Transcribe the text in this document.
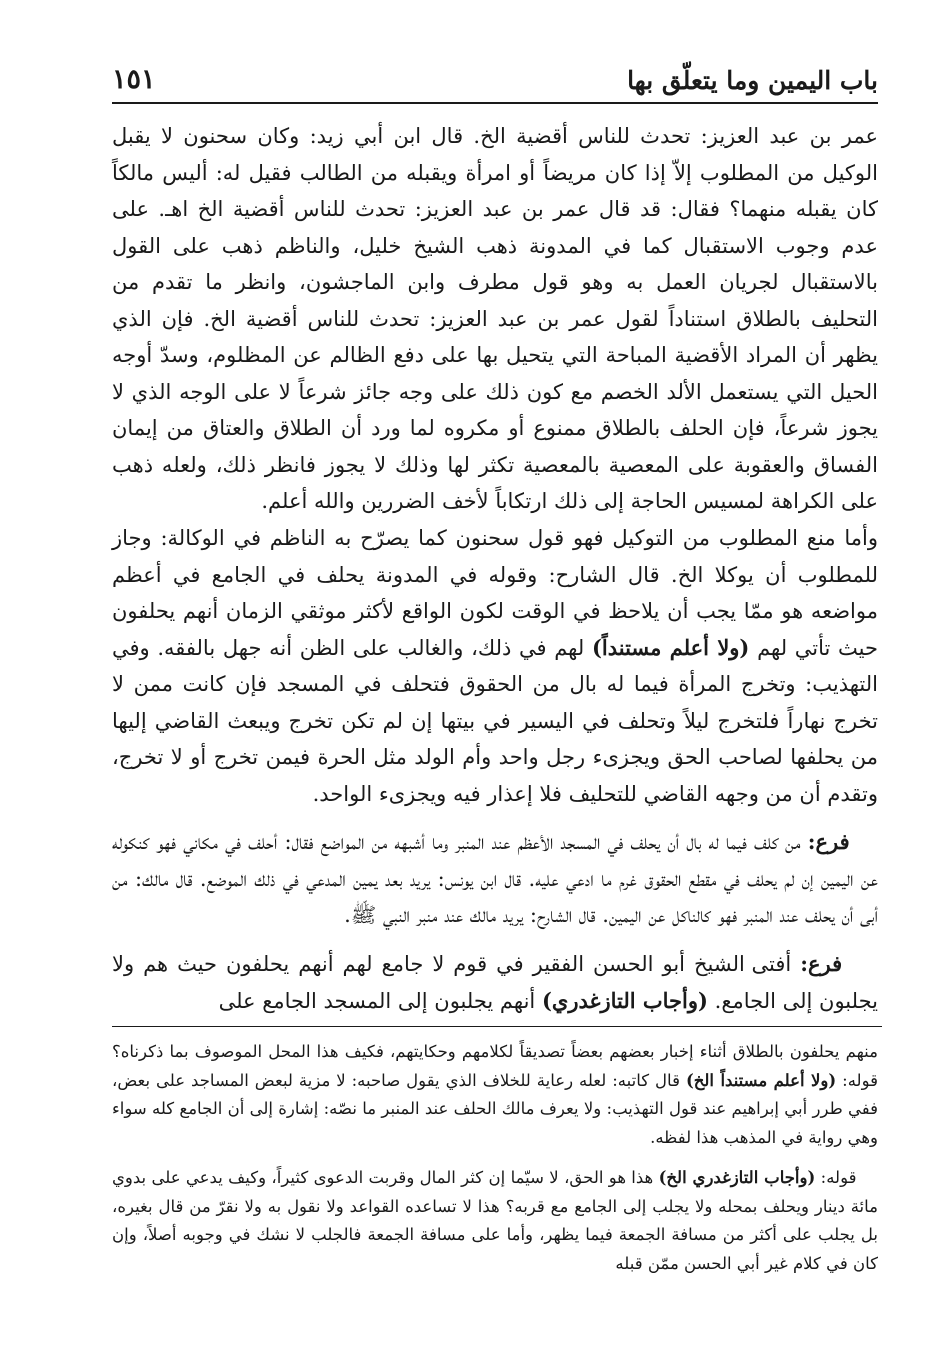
باب اليمين وما يتعلّق بها
١٥١

عمر بن عبد العزيز: تحدث للناس أقضية الخ. قال ابن أبي زيد: وكان سحنون لا يقبل الوكيل من المطلوب إلاّ إذا كان مريضاً أو امرأة ويقبله من الطالب فقيل له: أليس مالكاً كان يقبله منهما؟ فقال: قد قال عمر بن عبد العزيز: تحدث للناس أقضية الخ اهـ. على عدم وجوب الاستقبال كما في المدونة ذهب الشيخ خليل، والناظم ذهب على القول بالاستقبال لجريان العمل به وهو قول مطرف وابن الماجشون، وانظر ما تقدم من التحليف بالطلاق استناداً لقول عمر بن عبد العزيز: تحدث للناس أقضية الخ. فإن الذي يظهر أن المراد الأقضية المباحة التي يتحيل بها على دفع الظالم عن المظلوم، وسدّ أوجه الحيل التي يستعمل الألد الخصم مع كون ذلك على وجه جائز شرعاً لا على الوجه الذي لا يجوز شرعاً، فإن الحلف بالطلاق ممنوع أو مكروه لما ورد أن الطلاق والعتاق من إيمان الفساق والعقوبة على المعصية بالمعصية تكثر لها وذلك لا يجوز فانظر ذلك، ولعله ذهب على الكراهة لمسيس الحاجة إلى ذلك ارتكاباً لأخف الضررين والله أعلم.

وأما منع المطلوب من التوكيل فهو قول سحنون كما يصرّح به الناظم في الوكالة: وجاز للمطلوب أن يوكلا الخ. قال الشارح: وقوله في المدونة يحلف في الجامع في أعظم مواضعه هو ممّا يجب أن يلاحظ في الوقت لكون الواقع لأكثر موثقي الزمان أنهم يحلفون حيث تأتي لهم (ولا أعلم مستنداً) لهم في ذلك، والغالب على الظن أنه جهل بالفقه. وفي التهذيب: وتخرج المرأة فيما له بال من الحقوق فتحلف في المسجد فإن كانت ممن لا تخرج نهاراً فلتخرج ليلاً وتحلف في اليسير في بيتها إن لم تكن تخرج ويبعث القاضي إليها من يحلفها لصاحب الحق ويجزىء رجل واحد وأم الولد مثل الحرة فيمن تخرج أو لا تخرج، وتقدم أن من وجهه القاضي للتحليف فلا إعذار فيه ويجزىء الواحد.

فرع: من كلف فيما له بال أن يحلف في المسجد الأعظم عند المنبر وما أشبهه من المواضع فقال: أحلف في مكاني فهو كنكوله عن اليمين إن لم يحلف في مقطع الحقوق غرم ما ادعي عليه. قال ابن يونس: يريد بعد يمين المدعي في ذلك الموضع. قال مالك: من أبى أن يحلف عند المنبر فهو كالناكل عن اليمين. قال الشارح: يريد مالك عند منبر النبي ﷺ.

فرع: أفتى الشيخ أبو الحسن الفقير في قوم لا جامع لهم أنهم يحلفون حيث هم ولا يجلبون إلى الجامع. (وأجاب التازغدري) أنهم يجلبون إلى المسجد الجامع على

منهم يحلفون بالطلاق أثناء إخبار بعضهم بعضاً تصديقاً لكلامهم وحكايتهم، فكيف هذا المحل الموصوف بما ذكرناه؟ قوله: (ولا أعلم مستنداً الخ) قال كاتبه: لعله رعاية للخلاف الذي يقول صاحبه: لا مزية لبعض المساجد على بعض، ففي طرر أبي إبراهيم عند قول التهذيب: ولا يعرف مالك الحلف عند المنبر ما نصّه: إشارة إلى أن الجامع كله سواء وهي رواية في المذهب هذا لفظه.

قوله: (وأجاب التازغدري الخ) هذا هو الحق، لا سيّما إن كثر المال وقربت الدعوى كثيراً، وكيف يدعي على بدوي مائة دينار ويحلف بمحله ولا يجلب إلى الجامع مع قربه؟ هذا لا تساعده القواعد ولا نقول به ولا نقرّ من قال بغيره، بل يجلب على أكثر من مسافة الجمعة فيما يظهر، وأما على مسافة الجمعة فالجلب لا نشك في وجوبه أصلاً، وإن كان في كلام غير أبي الحسن ممّن قبله
